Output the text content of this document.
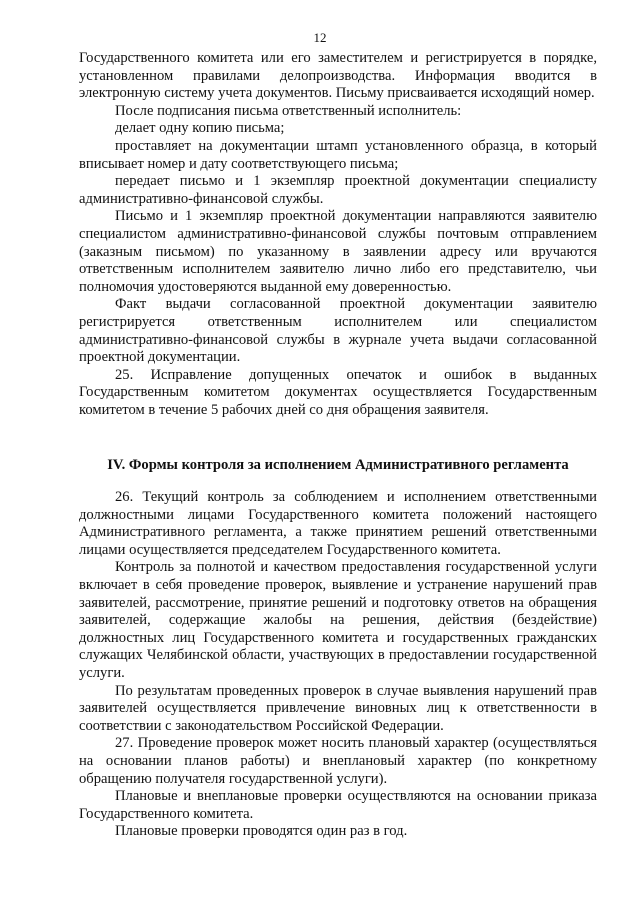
12

Государственного комитета или его заместителем и регистрируется в порядке, установленном правилами делопроизводства. Информация вводится в электронную систему учета документов. Письму присваивается исходящий номер.

После подписания письма ответственный исполнитель:

делает одну копию письма;

проставляет на документации штамп установленного образца, в который вписывает номер и дату соответствующего письма;

передает письмо и 1 экземпляр проектной документации специалисту административно-финансовой службы.

Письмо и 1 экземпляр проектной документации направляются заявителю специалистом административно-финансовой службы почтовым отправлением (заказным письмом) по указанному в заявлении адресу или вручаются ответственным исполнителем заявителю лично либо его представителю, чьи полномочия удостоверяются выданной ему доверенностью.

Факт выдачи согласованной проектной документации заявителю регистрируется ответственным исполнителем или специалистом административно-финансовой службы в журнале учета выдачи согласованной проектной документации.

25. Исправление допущенных опечаток и ошибок в выданных Государственным комитетом документах осуществляется Государственным комитетом в течение 5 рабочих дней со дня обращения заявителя.

IV. Формы контроля за исполнением Административного регламента

26. Текущий контроль за соблюдением и исполнением ответственными должностными лицами Государственного комитета положений настоящего Административного регламента, а также принятием решений ответственными лицами осуществляется председателем Государственного комитета.

Контроль за полнотой и качеством предоставления государственной услуги включает в себя проведение проверок, выявление и устранение нарушений прав заявителей, рассмотрение, принятие решений и подготовку ответов на обращения заявителей, содержащие жалобы на решения, действия (бездействие) должностных лиц Государственного комитета и государственных гражданских служащих Челябинской области, участвующих в предоставлении государственной услуги.

По результатам проведенных проверок в случае выявления нарушений прав заявителей осуществляется привлечение виновных лиц к ответственности в соответствии с законодательством Российской Федерации.

27. Проведение проверок может носить плановый характер (осуществляться на основании планов работы) и внеплановый характер (по конкретному обращению получателя государственной услуги).

Плановые и внеплановые проверки осуществляются на основании приказа Государственного комитета.

Плановые проверки проводятся один раз в год.
